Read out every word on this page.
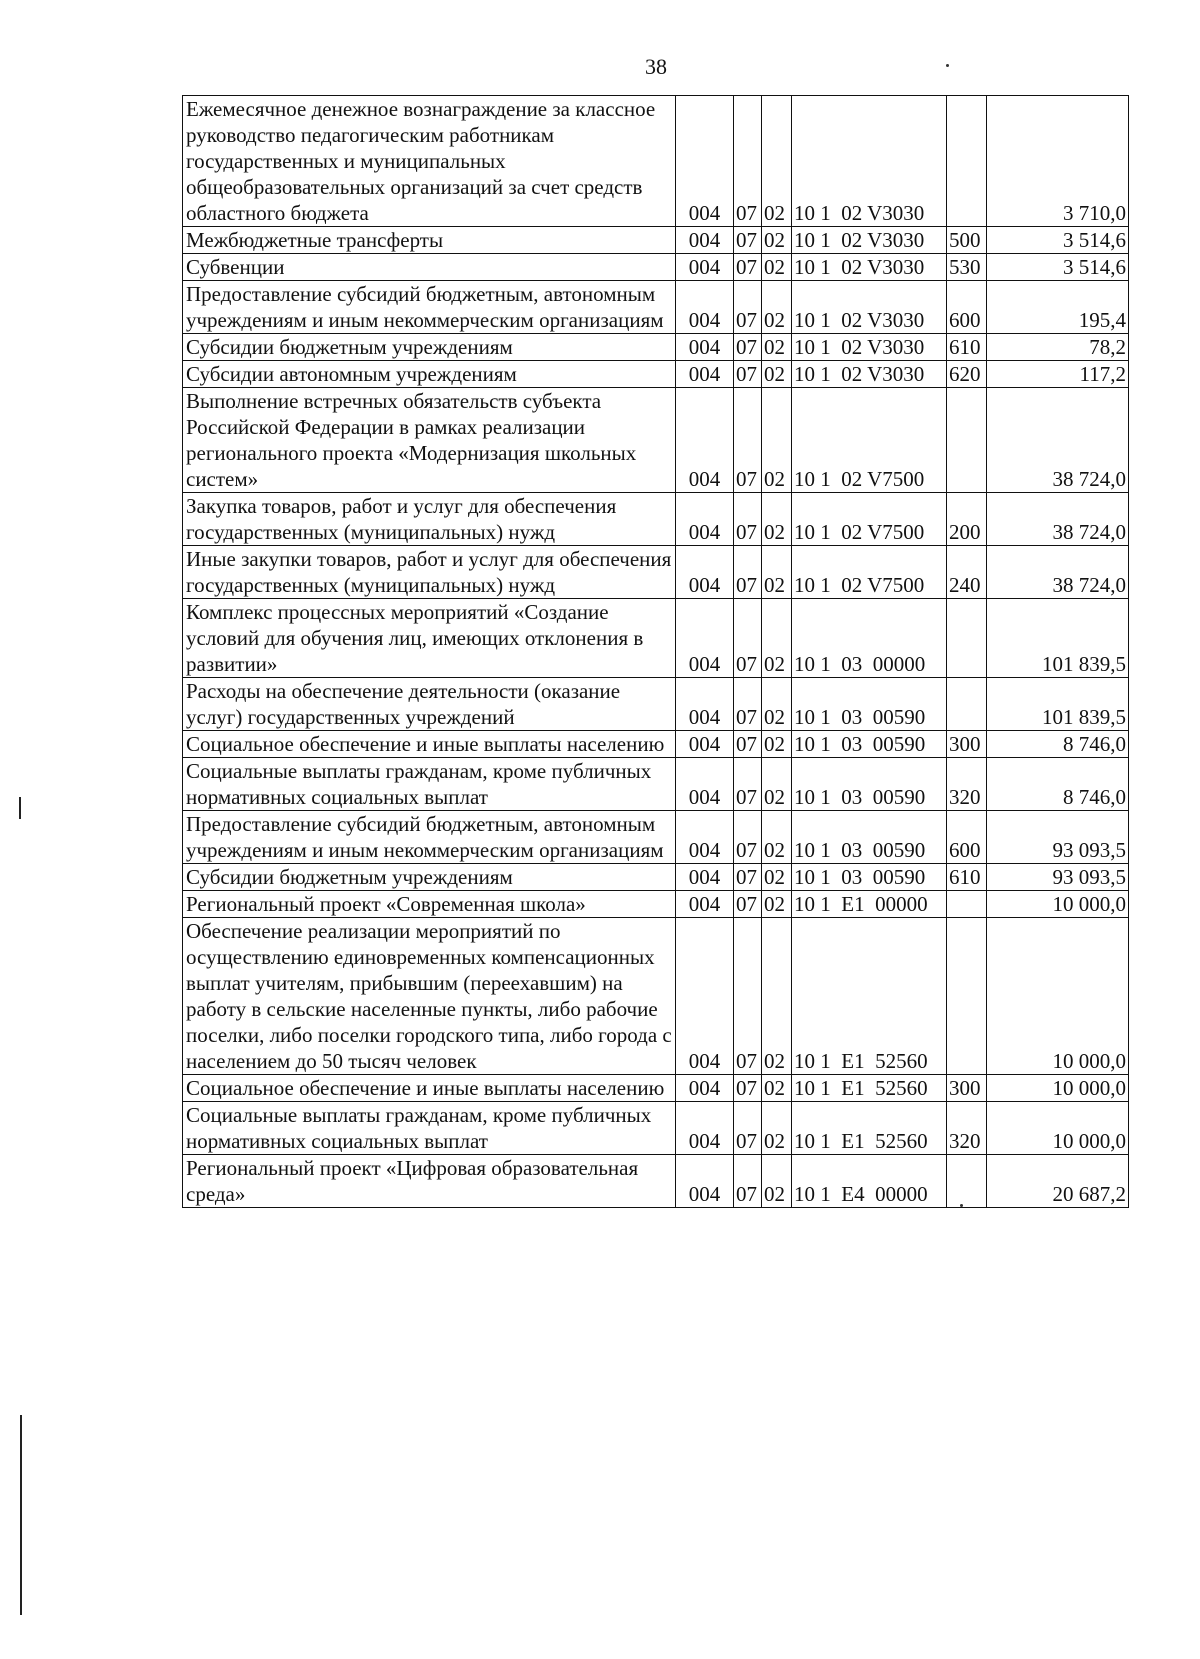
38
Ежемесячное денежное вознаграждение за классное руководство педагогическим работникам государственных и муниципальных общеобразовательных организаций за счет средств областного бюджета	004	07	02	10 1  02 V3030		3 710,0
Межбюджетные трансферты	004	07	02	10 1  02 V3030	500	3 514,6
Субвенции	004	07	02	10 1  02 V3030	530	3 514,6
Предоставление субсидий бюджетным, автономным учреждениям и иным некоммерческим организациям	004	07	02	10 1  02 V3030	600	195,4
Субсидии бюджетным учреждениям	004	07	02	10 1  02 V3030	610	78,2
Субсидии автономным учреждениям	004	07	02	10 1  02 V3030	620	117,2
Выполнение встречных обязательств субъекта Российской Федерации в рамках реализации регионального проекта «Модернизация школьных систем»	004	07	02	10 1  02 V7500		38 724,0
Закупка товаров, работ и услуг для обеспечения государственных (муниципальных) нужд	004	07	02	10 1  02 V7500	200	38 724,0
Иные закупки товаров, работ и услуг для обеспечения государственных (муниципальных) нужд	004	07	02	10 1  02 V7500	240	38 724,0
Комплекс процессных мероприятий «Создание условий для обучения лиц, имеющих отклонения в развитии»	004	07	02	10 1  03  00000		101 839,5
Расходы на обеспечение деятельности (оказание услуг) государственных учреждений	004	07	02	10 1  03  00590		101 839,5
Социальное обеспечение и иные выплаты населению	004	07	02	10 1  03  00590	300	8 746,0
Социальные выплаты гражданам, кроме публичных нормативных социальных выплат	004	07	02	10 1  03  00590	320	8 746,0
Предоставление субсидий бюджетным, автономным учреждениям и иным некоммерческим организациям	004	07	02	10 1  03  00590	600	93 093,5
Субсидии бюджетным учреждениям	004	07	02	10 1  03  00590	610	93 093,5
Региональный проект «Современная школа»	004	07	02	10 1  E1  00000		10 000,0
Обеспечение реализации мероприятий по осуществлению единовременных компенсационных выплат учителям, прибывшим (переехавшим) на работу в сельские населенные пункты, либо рабочие поселки, либо поселки городского типа, либо города с населением до 50 тысяч человек	004	07	02	10 1  E1  52560		10 000,0
Социальное обеспечение и иные выплаты населению	004	07	02	10 1  E1  52560	300	10 000,0
Социальные выплаты гражданам, кроме публичных нормативных социальных выплат	004	07	02	10 1  E1  52560	320	10 000,0
Региональный проект «Цифровая образовательная среда»	004	07	02	10 1  E4  00000		20 687,2
